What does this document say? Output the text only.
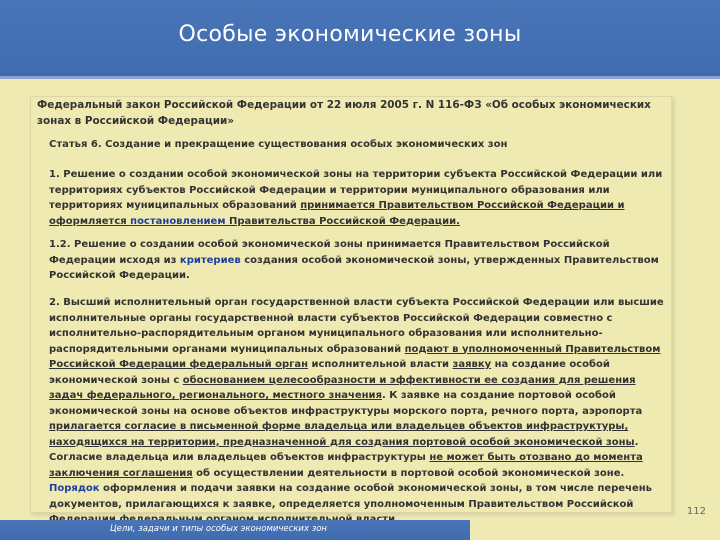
Особые экономические зоны
Федеральный закон Российской Федерации от 22 июля 2005 г. N 116-ФЗ «Об особых экономических зонах в Российской Федерации»
Статья 6. Создание и прекращение существования особых экономических зон
1. Решение о создании особой экономической зоны на территории субъекта Российской Федерации или территориях субъектов Российской Федерации и территории муниципального образования или территориях муниципальных образований принимается Правительством Российской Федерации и оформляется постановлением Правительства Российской Федерации.
1.2. Решение о создании особой экономической зоны принимается Правительством Российской Федерации исходя из критериев создания особой экономической зоны, утвержденных Правительством Российской Федерации.
2. Высший исполнительный орган государственной власти субъекта Российской Федерации или высшие исполнительные органы государственной власти субъектов Российской Федерации совместно с исполнительно-распорядительным органом муниципального образования или исполнительно-распорядительными органами муниципальных образований подают в уполномоченный Правительством Российской Федерации федеральный орган исполнительной власти заявку на создание особой экономической зоны с обоснованием целесообразности и эффективности ее создания для решения задач федерального, регионального, местного значения. К заявке на создание портовой особой экономической зоны на основе объектов инфраструктуры морского порта, речного порта, аэропорта прилагается согласие в письменной форме владельца или владельцев объектов инфраструктуры, находящихся на территории, предназначенной для создания портовой особой экономической зоны. Согласие владельца или владельцев объектов инфраструктуры не может быть отозвано до момента заключения соглашения об осуществлении деятельности в портовой особой экономической зоне. Порядок оформления и подачи заявки на создание особой экономической зоны, в том числе перечень документов, прилагающихся к заявке, определяется уполномоченным Правительством Российской
112
Цели, задачи и типы особых экономических зон
